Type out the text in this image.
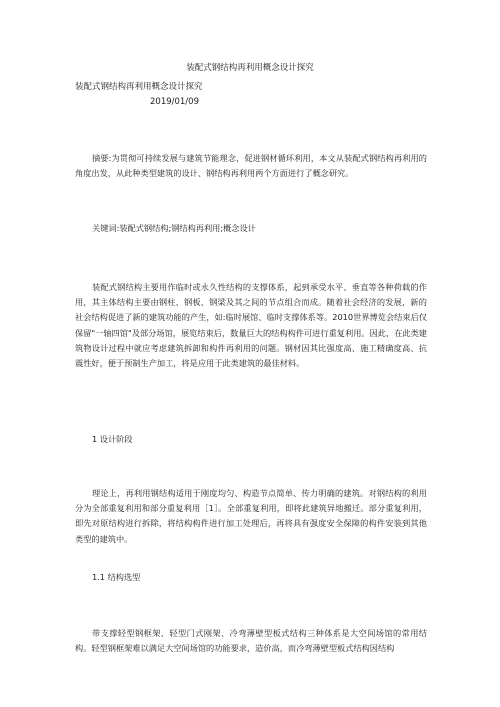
装配式钢结构再利用概念设计探究
装配式钢结构再利用概念设计探究
2019/01/09

摘要:为贯彻可持续发展与建筑节能理念，促进钢材循环利用，本文从装配式钢结构再利用的角度出发，从此种类型建筑的设计、钢结构再利用两个方面进行了概念研究。

关键词:装配式钢结构;钢结构再利用;概念设计

装配式钢结构主要用作临时或永久性结构的支撑体系，起到承受水平、垂直等各种荷载的作用，其主体结构主要由钢柱、钢板、钢梁及其之间的节点组合而成。随着社会经济的发展，新的社会结构促进了新的建筑功能的产生，如:临时展馆、临时支撑体系等。2010世界博览会结束后仅保留"一轴四馆"及部分场馆，展览结束后，数量巨大的结构构件可进行重复利用。因此，在此类建筑物设计过程中就应考虑建筑拆卸和构件再利用的问题。钢材因其比强度高、施工精确度高、抗震性好，便于预制生产加工，将是应用于此类建筑的最佳材料。

1 设计阶段

理论上，再利用钢结构适用于刚度均匀、构造节点简单、传力明确的建筑。对钢结构的利用分为全部重复利用和部分重复利用［1］。全部重复利用，即将此建筑异地搬迁。部分重复利用，即先对原结构进行拆除，将结构构件进行加工处理后，再将具有强度安全保障的构件安装到其他类型的建筑中。

1.1 结构选型

带支撑轻型钢框架、轻型门式刚架、冷弯薄壁型板式结构三种体系是大空间场馆的常用结构。轻型钢框架难以满足大空间场馆的功能要求，造价高，而冷弯薄壁型板式结构因结构
